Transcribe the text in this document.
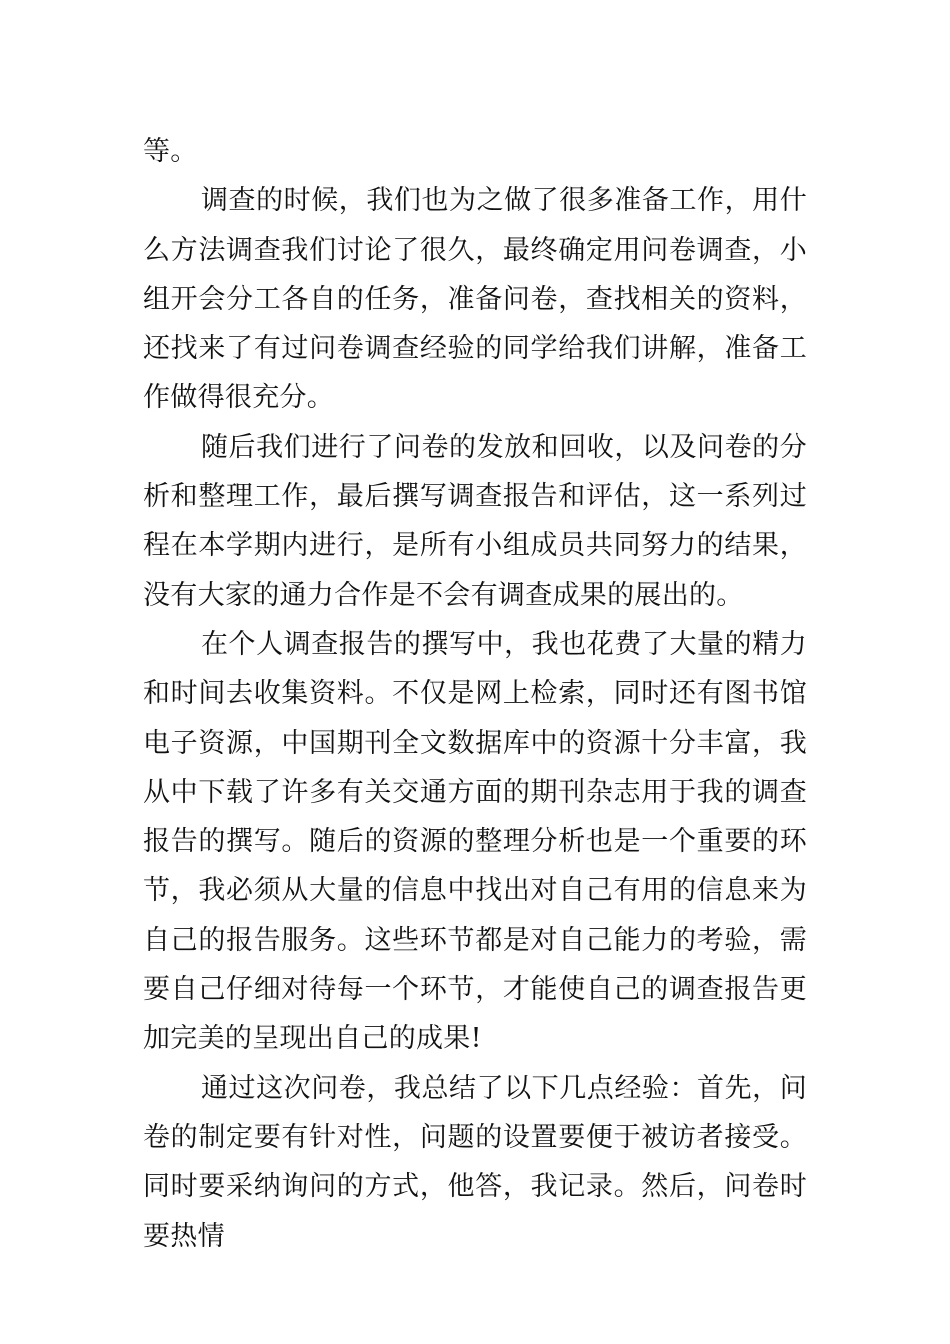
等。

调查的时候，我们也为之做了很多准备工作，用什么方法调查我们讨论了很久，最终确定用问卷调查，小组开会分工各自的任务，准备问卷，查找相关的资料，还找来了有过问卷调查经验的同学给我们讲解，准备工作做得很充分。

随后我们进行了问卷的发放和回收，以及问卷的分析和整理工作，最后撰写调查报告和评估，这一系列过程在本学期内进行，是所有小组成员共同努力的结果，没有大家的通力合作是不会有调查成果的展出的。

在个人调查报告的撰写中，我也花费了大量的精力和时间去收集资料。不仅是网上检索，同时还有图书馆电子资源，中国期刊全文数据库中的资源十分丰富，我从中下载了许多有关交通方面的期刊杂志用于我的调查报告的撰写。随后的资源的整理分析也是一个重要的环节，我必须从大量的信息中找出对自己有用的信息来为自己的报告服务。这些环节都是对自己能力的考验，需要自己仔细对待每一个环节，才能使自己的调查报告更加完美的呈现出自己的成果!

通过这次问卷，我总结了以下几点经验：首先，问卷的制定要有针对性，问题的设置要便于被访者接受。同时要采纳询问的方式，他答，我记录。然后，问卷时要热情
